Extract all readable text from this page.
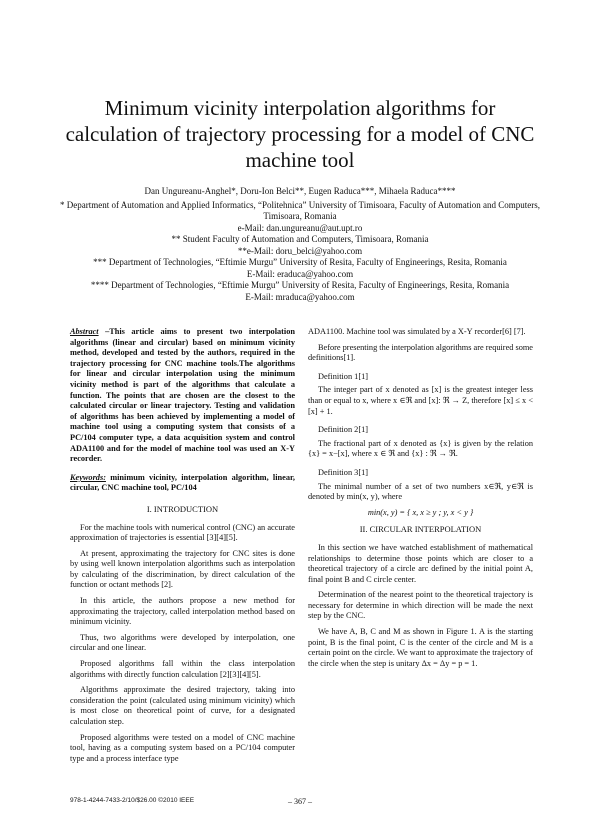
Minimum vicinity interpolation algorithms for calculation of trajectory processing for a model of CNC machine tool
Dan Ungureanu-Anghel*, Doru-Ion Belci**, Eugen Raduca***, Mihaela Raduca****
* Department of Automation and Applied Informatics, “Politehnica” University of Timisoara, Faculty of Automation and Computers, Timisoara, Romania
e-Mail: dan.ungureanu@aut.upt.ro
** Student Faculty of Automation and Computers, Timisoara, Romania
**e-Mail: doru_belci@yahoo.com
*** Department of Technologies, “Eftimie Murgu” University of Resita, Faculty of Engineerings, Resita, Romania
E-Mail: eraduca@yahoo.com
**** Department of Technologies, “Eftimie Murgu” University of Resita, Faculty of Engineerings, Resita, Romania
E-Mail: mraduca@yahoo.com

Abstract –This article aims to present two interpolation algorithms (linear and circular) based on minimum vicinity method, developed and tested by the authors, required in the trajectory processing for CNC machine tools.The algorithms for linear and circular interpolation using the minimum vicinity method is part of the algorithms that calculate a function. The points that are chosen are the closest to the calculated circular or linear trajectory. Testing and validation of algorithms has been achieved by implementing a model of machine tool using a computing system that consists of a PC/104 computer type, a data acquisition system and control ADA1100 and for the model of machine tool was used an X-Y recorder.

Keywords: minimum vicinity, interpolation algorithm, linear, circular, CNC machine tool, PC/104

I. INTRODUCTION

For the machine tools with numerical control (CNC) an accurate approximation of trajectories is essential [3][4][5].

At present, approximating the trajectory for CNC sites is done by using well known interpolation algorithms such as interpolation by calculating of the discrimination, by direct calculation of the function or octant methods [2].

In this article, the authors propose a new method for approximating the trajectory, called interpolation method based on minimum vicinity.

Thus, two algorithms were developed by interpolation, one circular and one linear.

Proposed algorithms fall within the class interpolation algorithms with directly function calculation [2][3][4][5].

Algorithms approximate the desired trajectory, taking into consideration the point (calculated using minimum vicinity) which is most close on theoretical point of curve, for a designated calculation step.

Proposed algorithms were tested on a model of CNC machine tool, having as a computing system based on a PC/104 computer type and a process interface type

ADA1100. Machine tool was simulated by a X-Y recorder[6] [7].

Before presenting the interpolation algorithms are required some definitions[1].

Definition 1[1]

The integer part of x denoted as [x] is the greatest integer less than or equal to x, where x ∈ℜ and [x]: ℜ → Z, therefore [x] ≤ x < [x] + 1.

Definition 2[1]

The fractional part of x denoted as {x} is given by the relation {x} = x−[x], where x ∈ ℜ and {x} : ℜ → ℜ.

Definition 3[1]

The minimal number of a set of two numbers x∈ℜ, y∈ℜ is denoted by min(x, y), where

min(x, y) = { x, x ≥ y ; y, x < y }
II. CIRCULAR INTERPOLATION

In this section we have watched establishment of mathematical relationships to determine those points which are closer to a theoretical trajectory of a circle arc defined by the initial point A, final point B and C circle center.

Determination of the nearest point to the theoretical trajectory is necessary for determine in which direction will be made the next step by the CNC.

We have A, B, C and M as shown in Figure 1. A is the starting point, B is the final point, C is the center of the circle and M is a certain point on the circle. We want to approximate the trajectory of the circle when the step is unitary Δx = Δy = p = 1.

978-1-4244-7433-2/10/$26.00 ©2010 IEEE	– 367 –
